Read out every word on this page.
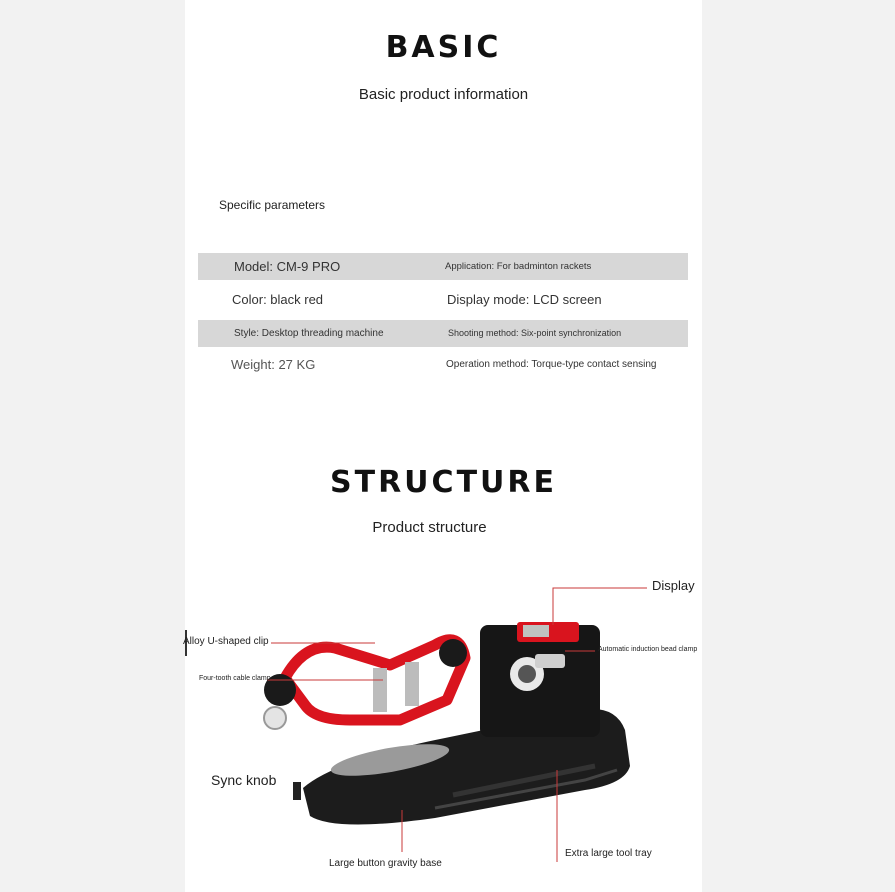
BASIC
Basic product information
Specific parameters
Model: CM-9 PRO	Application: For badminton rackets
Color: black red	Display mode: LCD screen
Style: Desktop threading machine	Shooting method: Six-point synchronization
Weight: 27 KG	Operation method: Torque-type contact sensing
STRUCTURE
Product structure
Display
Alloy U-shaped clip
Automatic induction bead clamp
Four-tooth cable clamp
Sync knob
Large button gravity base
Extra large tool tray
